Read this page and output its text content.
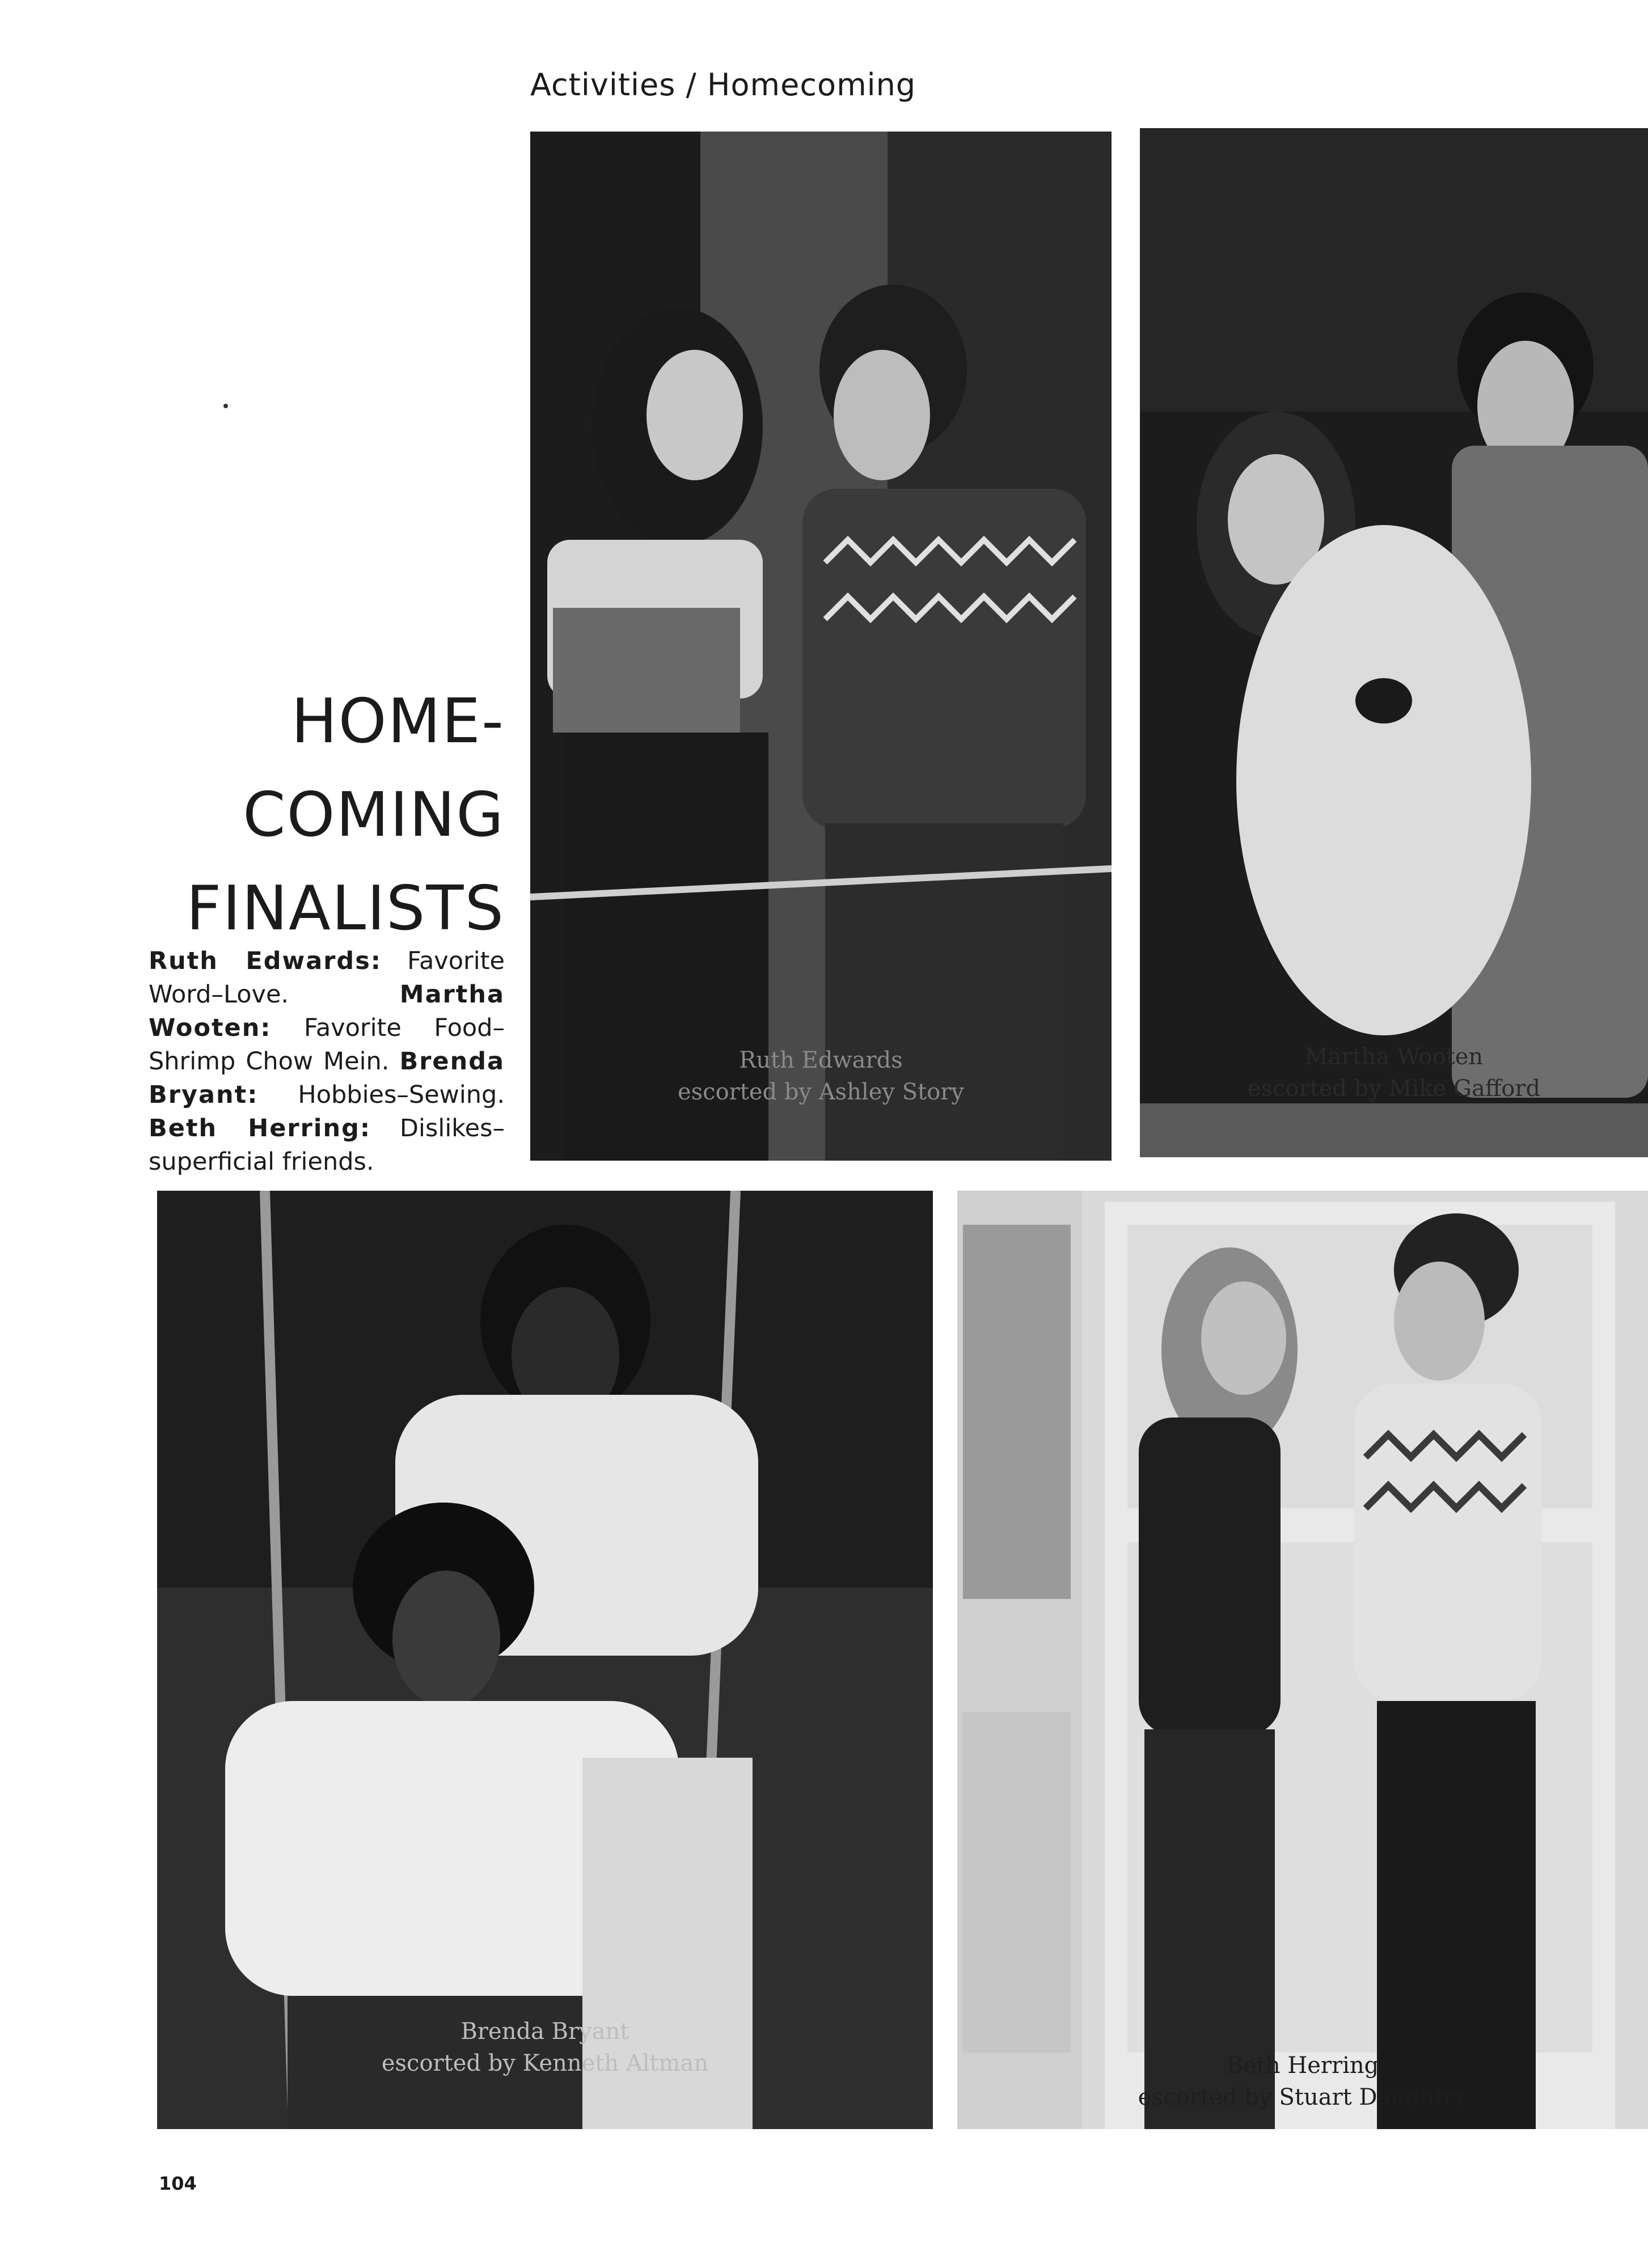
Activities / Homecoming
HOME-
COMING
FINALISTS
Ruth Edwards: Favorite Word–Love.	Martha Wooten: Favorite Food–Shrimp Chow Mein. Brenda Bryant: Hobbies–Sewing. Beth Herring: Dislikes–superficial friends.
Ruth Edwards
escorted by Ashley Story
Martha Wooten
escorted by Mike Gafford
Brenda Bryant
escorted by Kenneth Altman	Beth Herring
escorted by Stuart Daughtry
104
